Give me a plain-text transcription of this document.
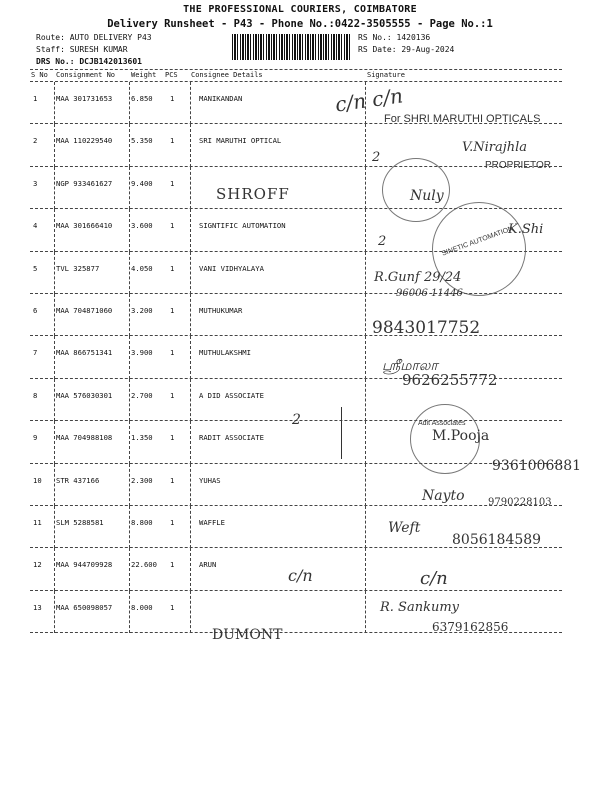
THE PROFESSIONAL COURIERS, COIMBATORE
Delivery Runsheet - P43 - Phone No.:0422-3505555 - Page No.:1
Route: AUTO DELIVERY P43
Staff: SURESH KUMAR
DRS No.: DCJB142013601
RS No.: 1420136
RS Date: 29-Aug-2024
S No Consignment No Weight PCS Consignee Details	Signature
1	MAA 301731653	6.850 1	MANIKANDAN
2	MAA 110229540	5.350 1	SRI MARUTHI OPTICAL
3	NGP 933461627	9.400 1
4	MAA 301666410	3.600 1	SIGNTIFIC AUTOMATION
5	TVL 325877	4.050 1	VANI VIDHYALAYA
6	MAA 704871060	3.200 1	MUTHUKUMAR
7	MAA 866751341	3.900 1	MUTHULAKSHMI
8	MAA 576030301	2.700 1	A DID ASSOCIATE
9	MAA 704988108	1.350 1	RADIT ASSOCIATE
10 STR 437166	2.300 1	YUHAS
11 SLM 5288581	8.800 1	WAFFLE
12 MAA 944709928	22.600 1	ARUN
13 MAA 650098057	8.000 1
c/n c/n
For SHRI MARUTHI OPTICALS
V.Nirajhla
PROPRIETOR
2
SHROFF	Nuly
SINETIC AUTOMATION
2
K.Shi
R.Gunf 29/24
96006 11446
9843017752
ஸ்ரீமாலா
9626255772
2	Adit Associates
M.Pooja
9361006881
Nayto 9790228103
Weft
8056184589
c/n	c/n
R. Sankumy
6379162856
DUMONT
